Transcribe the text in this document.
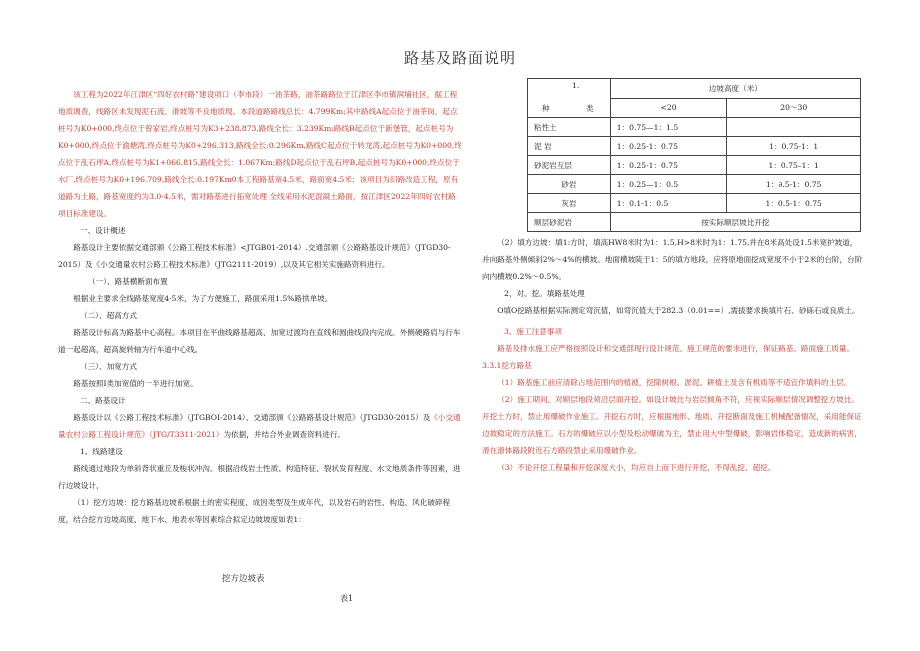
路基及路面说明

该工程为2022年江津区“四好农村路”建设项口（李市段）一油茶路，油茶路路位于江津区李市镇润埔社区，据工程地质调查，线路区未发现泥石流、滑坡等不良地质现。本段道路路线总长：4.799Km;其中路线A起点位于油茶岗，起点桩号为K0+000,终点位于曾家岩,终点桩号为K3+238.873,路线全长：3.239Km;路线B起点位于新堡管，起点桩号为K0+000,终点位于渝塘湾,终点桩号为K0+296.313,路线全长:0.296Km,路线C起点位于转龙湾,起点桩号为K0+000,终点位于乱石坪A,终点桩号为K1+066.815,路线全长：1.067Km;路线D起点位于乱石坪B,起点桩号为K0+000,终点位于水厂,终点桩号为K0+196.709,路线全长:0.197Km0本工程路基宽4.5米，路面宽4.5米；该项目为旧路改造工程，原有道路为土路，路基宽度约为3.0-4.5米，需对路基进行拓宽处理 全线采用水泥混凝土路面，按江津区2022年四好农村路项目标准建设。

一、设计概述

路基设计主要依据交通部颁《公路工程技术标准》<JTGB01-2014）.交通部颁《公路路基设计规范》（JTGD30-2015）及《小交通量农村公路工程技术标准》（JTG2111-2019）,以及其它相关实施路资料进行。

（一）、路基横断面布置

根据业主要求全线路基宽度4·5米，为了方便施工，路面采用1.5%路拱单坡。

（二）、超高方式

路基设计标高为路基中心高程。本项目在平曲线路基超高、加宽过渡均在直线和圆曲线段内完成。外侧硬路肩与行车道一起超高，超高旋转轴为行车道中心线。

（三）、加宽方式

路基按照I类加宽值的一半进行加宽。

二、路基设计

路基设计以《公路工程技术标准》（JTGBOI-2014）、交通部颁《公路路基设计规范》（JTGD30-2015）及《小交通量农村公路工程设计规范》（JTG/T3311-2021）为依据，并结合外业调查资料进行。

1、线路建设

路线通过地段为单斜背状重丘及梭状冲沟。根据沿线岩土性质、构造特征、裂状发育程度、水文地质条件等因素，进行边坡设计，

（1）挖方边坡：挖方路基边坡系根据土的密实程度、成因类型及生成年代，以及岩石的岩性、构造、风化破碎程度，结合挖方边坡高度、地下水、地表水等因素综合拟定边坡坡度如表1：

挖方边坡表
表1
1.
种 类	边坡高度（米）	
	<20	20～30
粘性土	1：0.75—1：1.5	
泥 岩	1：0.25-1：0.75	1：0.75-1：1
砂泥岩互层	1：0.25-1：0.75	1：0.75–1：1
砂岩	1：0.25—1：0.5	1：∂.5-1：0.75
灰岩	1：0.1-1：0.5	1：0.5-1：0.75
顺层砂泥岩	按实际顺层坡比开挖	

（2）填方边坡：填1:方时，填高HW8米时为1：1.5,H>8米时为1：1.75,并在8米高处设1.5米宽护坡道，并向路基外侧倾斜2%～4%的横坡。地面横坡陡于1：5的填方地段，应将原地面挖成宽度不小于2米的台阶，台阶向内横坡0.2%～0.5%。

2、对。挖。填路基处理

O填O挖路基根据实际测定弯沉值，如弯沉值大于282.3（0.01==）,需拔要求换填片石、砂砾石或良质土。

3、施工注意事项

路基及排水施工应严格按照设计和交通部现行设计规范、施工规范的要求进行，保证路基、路面施工质量。

3.3.1挖方路基

（1）路基施工前应清除占地范围内的植被，挖除树根、淤泥、耕植土及含有机质等不适宜作填料的土层。

（2）施工期间，对顺层地段须沿层面开挖。如设计坡比与岩层倾角不符，应视实际顺层情况调整挖方坡比。开挖土方时，禁止用爆破作业施工。开挖石方时，应根据地形、地质、开挖断面及施工机械配备情况，采用能保证边坡稳定的方法施工。石方的爆破应以小型及松动爆破为主，禁止用大中型爆破，影响岩体稳定，造成新的病害，滑在滑体路段附近石方路段禁止采用爆破作业。

（3）不论开挖工程量和开挖深度大小，均应自上而下进行开挖，不得乱挖、超挖。
